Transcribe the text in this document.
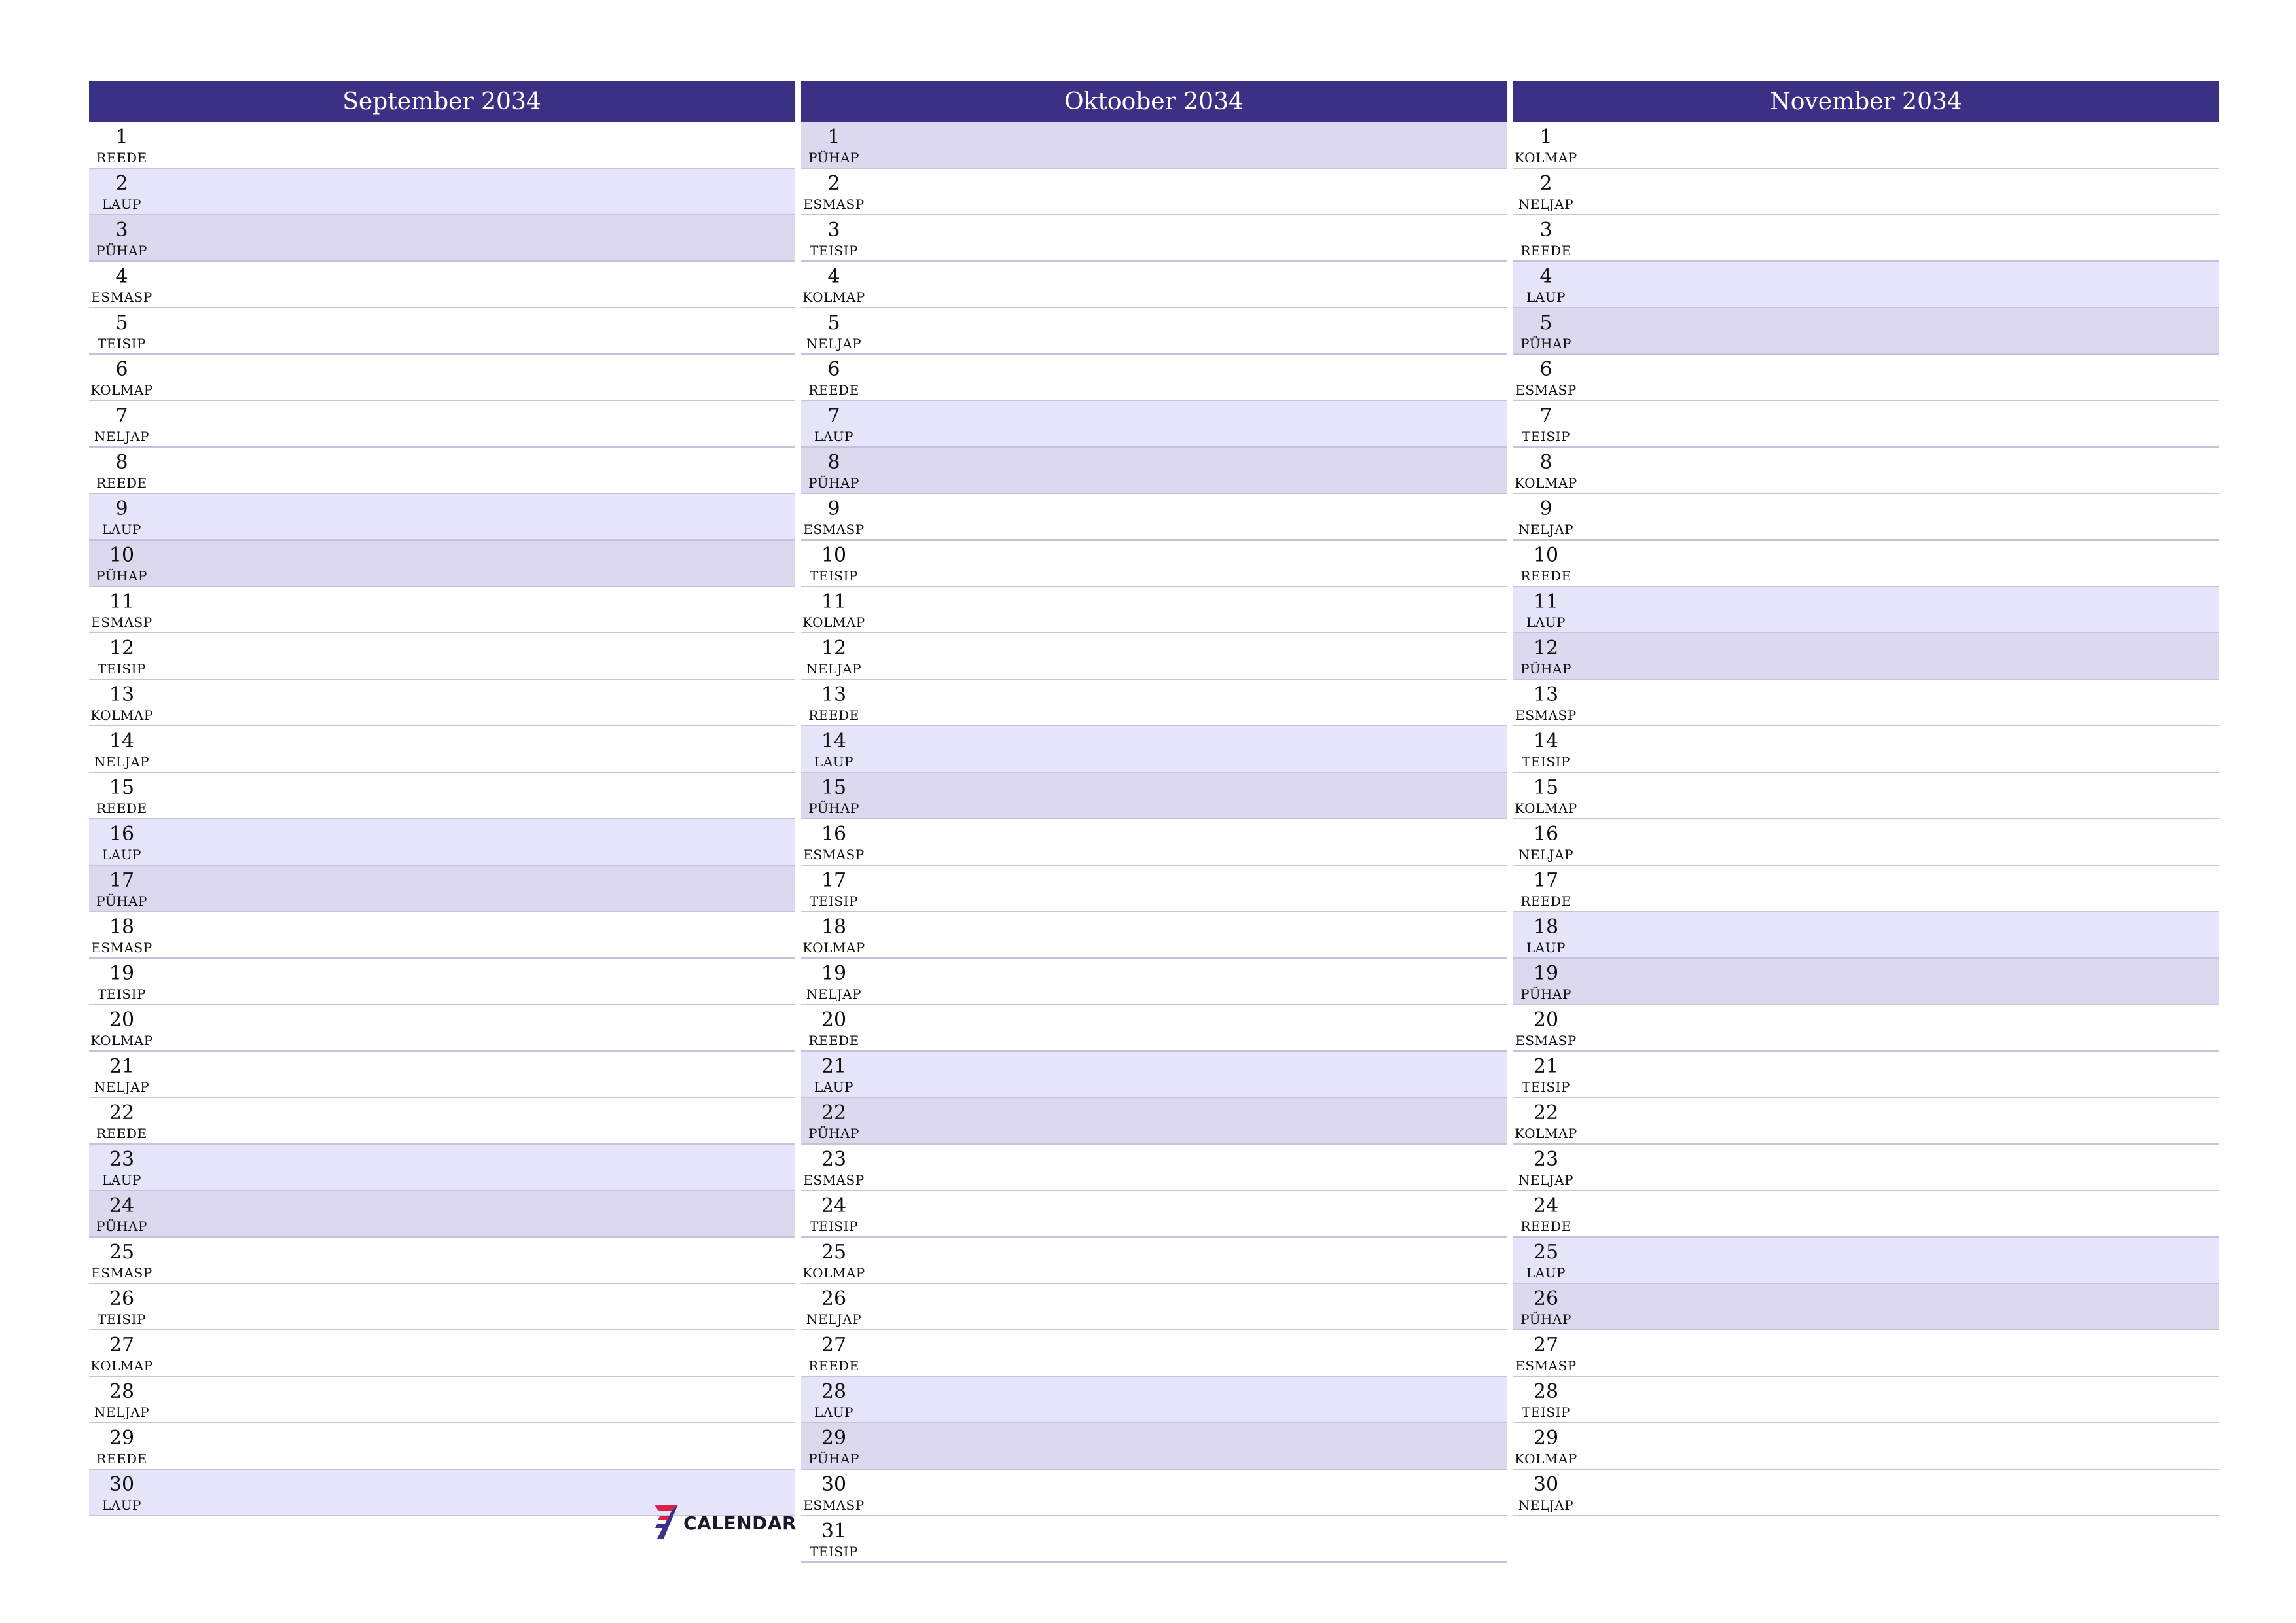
September 2034
1
REEDE
2
LAUP
3
PÜHAP
4
ESMASP
5
TEISIP
6
KOLMAP
7
NELJAP
8
REEDE
9
LAUP
10
PÜHAP
11
ESMASP
12
TEISIP
13
KOLMAP
14
NELJAP
15
REEDE
16
LAUP
17
PÜHAP
18
ESMASP
19
TEISIP
20
KOLMAP
21
NELJAP
22
REEDE
23
LAUP
24
PÜHAP
25
ESMASP
26
TEISIP
27
KOLMAP
28
NELJAP
29
REEDE
30
LAUP
Oktoober 2034
1
PÜHAP
2
ESMASP
3
TEISIP
4
KOLMAP
5
NELJAP
6
REEDE
7
LAUP
8
PÜHAP
9
ESMASP
10
TEISIP
11
KOLMAP
12
NELJAP
13
REEDE
14
LAUP
15
PÜHAP
16
ESMASP
17
TEISIP
18
KOLMAP
19
NELJAP
20
REEDE
21
LAUP
22
PÜHAP
23
ESMASP
24
TEISIP
25
KOLMAP
26
NELJAP
27
REEDE
28
LAUP
29
PÜHAP
30
ESMASP
31
TEISIP
November 2034
1
KOLMAP
2
NELJAP
3
REEDE
4
LAUP
5
PÜHAP
6
ESMASP
7
TEISIP
8
KOLMAP
9
NELJAP
10
REEDE
11
LAUP
12
PÜHAP
13
ESMASP
14
TEISIP
15
KOLMAP
16
NELJAP
17
REEDE
18
LAUP
19
PÜHAP
20
ESMASP
21
TEISIP
22
KOLMAP
23
NELJAP
24
REEDE
25
LAUP
26
PÜHAP
27
ESMASP
28
TEISIP
29
KOLMAP
30
NELJAP
CALENDAR
